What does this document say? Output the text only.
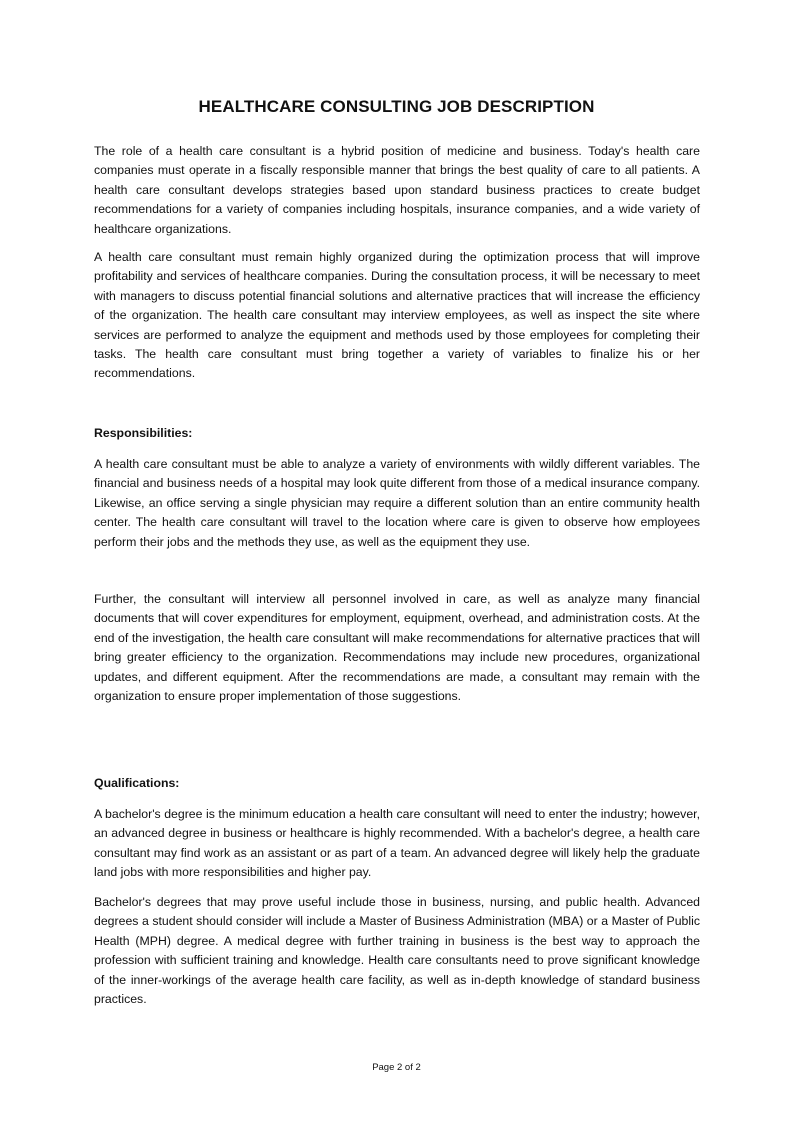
HEALTHCARE CONSULTING JOB DESCRIPTION

The role of a health care consultant is a hybrid position of medicine and business. Today's health care companies must operate in a fiscally responsible manner that brings the best quality of care to all patients. A health care consultant develops strategies based upon standard business practices to create budget recommendations for a variety of companies including hospitals, insurance companies, and a wide variety of healthcare organizations.

A health care consultant must remain highly organized during the optimization process that will improve profitability and services of healthcare companies. During the consultation process, it will be necessary to meet with managers to discuss potential financial solutions and alternative practices that will increase the efficiency of the organization. The health care consultant may interview employees, as well as inspect the site where services are performed to analyze the equipment and methods used by those employees for completing their tasks. The health care consultant must bring together a variety of variables to finalize his or her recommendations.

Responsibilities:

A health care consultant must be able to analyze a variety of environments with wildly different variables. The financial and business needs of a hospital may look quite different from those of a medical insurance company. Likewise, an office serving a single physician may require a different solution than an entire community health center. The health care consultant will travel to the location where care is given to observe how employees perform their jobs and the methods they use, as well as the equipment they use.

Further, the consultant will interview all personnel involved in care, as well as analyze many financial documents that will cover expenditures for employment, equipment, overhead, and administration costs. At the end of the investigation, the health care consultant will make recommendations for alternative practices that will bring greater efficiency to the organization. Recommendations may include new procedures, organizational updates, and different equipment. After the recommendations are made, a consultant may remain with the organization to ensure proper implementation of those suggestions.

Qualifications:

A bachelor's degree is the minimum education a health care consultant will need to enter the industry; however, an advanced degree in business or healthcare is highly recommended. With a bachelor's degree, a health care consultant may find work as an assistant or as part of a team. An advanced degree will likely help the graduate land jobs with more responsibilities and higher pay.

Bachelor's degrees that may prove useful include those in business, nursing, and public health. Advanced degrees a student should consider will include a Master of Business Administration (MBA) or a Master of Public Health (MPH) degree. A medical degree with further training in business is the best way to approach the profession with sufficient training and knowledge. Health care consultants need to prove significant knowledge of the inner-workings of the average health care facility, as well as in-depth knowledge of standard business practices.

Page 2 of 2
